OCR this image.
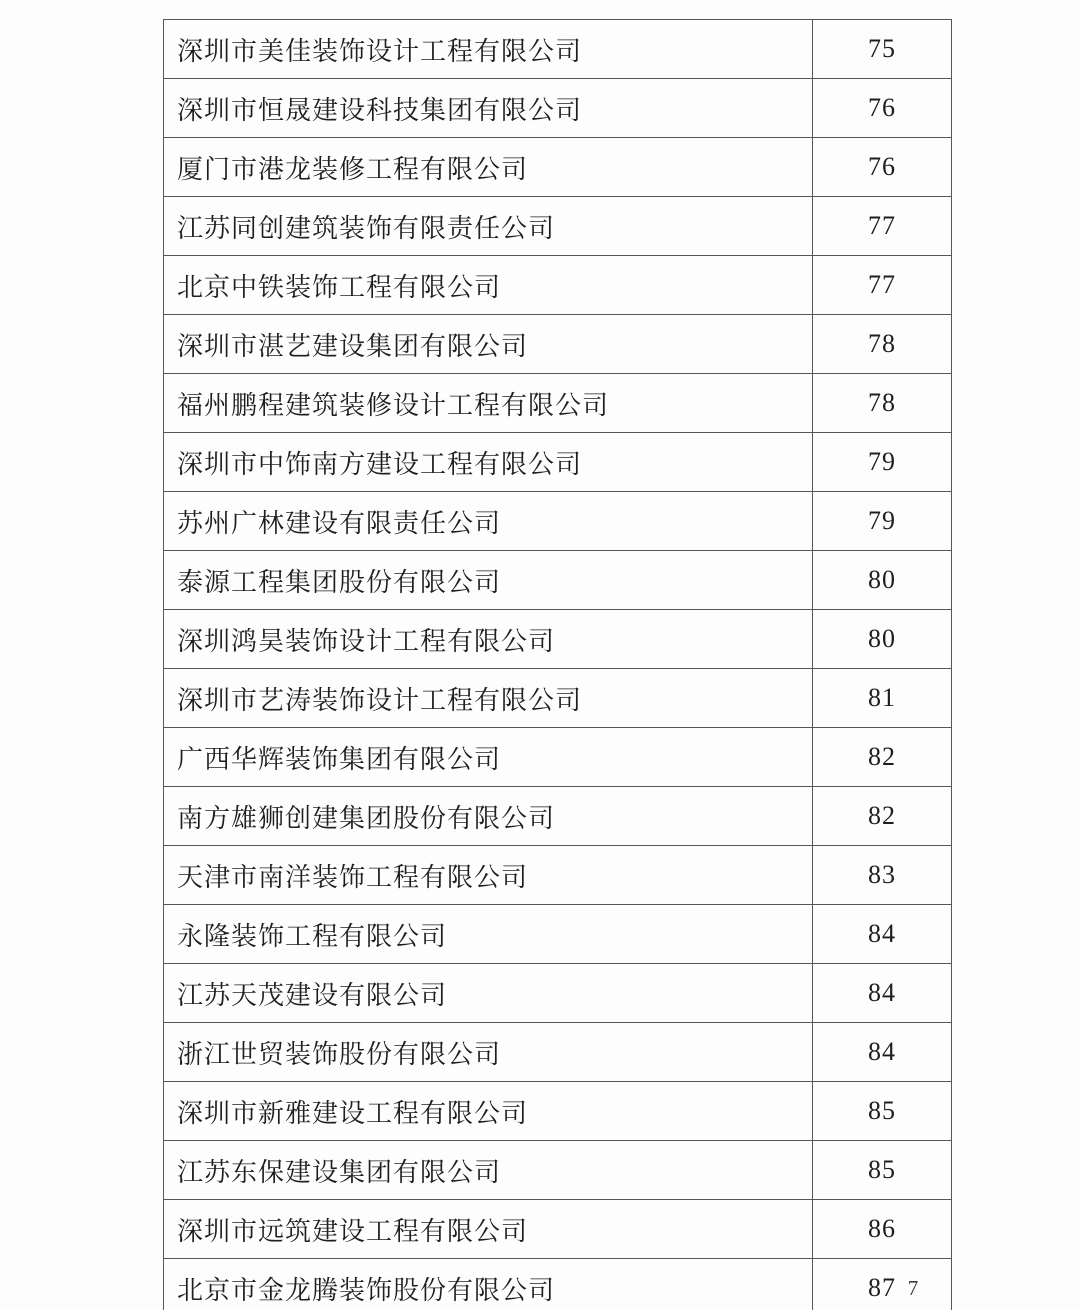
深圳市美佳装饰设计工程有限公司	75
深圳市恒晟建设科技集团有限公司	76
厦门市港龙装修工程有限公司	76
江苏同创建筑装饰有限责任公司	77
北京中铁装饰工程有限公司	77
深圳市湛艺建设集团有限公司	78
福州鹏程建筑装修设计工程有限公司	78
深圳市中饰南方建设工程有限公司	79
苏州广林建设有限责任公司	79
泰源工程集团股份有限公司	80
深圳鸿昊装饰设计工程有限公司	80
深圳市艺涛装饰设计工程有限公司	81
广西华辉装饰集团有限公司	82
南方雄狮创建集团股份有限公司	82
天津市南洋装饰工程有限公司	83
永隆装饰工程有限公司	84
江苏天茂建设有限公司	84
浙江世贸装饰股份有限公司	84
深圳市新雅建设工程有限公司	85
江苏东保建设集团有限公司	85
深圳市远筑建设工程有限公司	86
北京市金龙腾装饰股份有限公司	87 7
